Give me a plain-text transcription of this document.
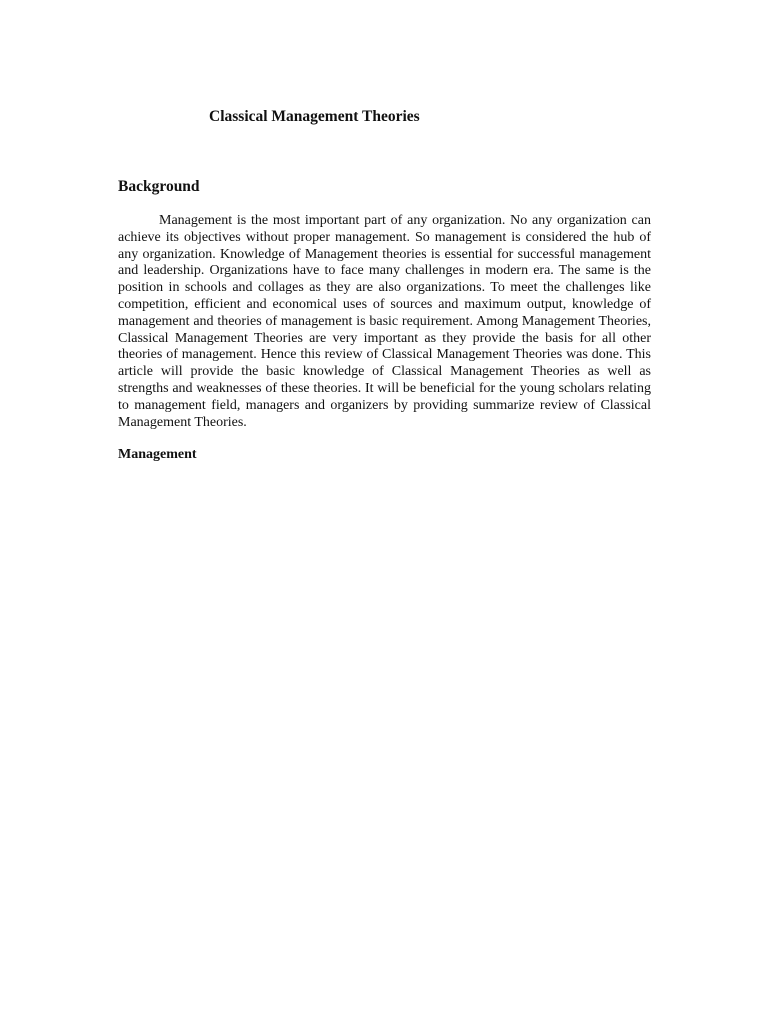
Classical Management Theories
Background

Management is the most important part of any organization. No any organization can achieve its objectives without proper management. So management is considered the hub of any organization. Knowledge of Management theories is essential for successful management and leadership. Organizations have to face many challenges in modern era. The same is the position in schools and collages as they are also organizations. To meet the challenges like competition, efficient and economical uses of sources and maximum output, knowledge of management and theories of management is basic requirement. Among Management Theories, Classical Management Theories are very important as they provide the basis for all other theories of management. Hence this review of Classical Management Theories was done. This article will provide the basic knowledge of Classical Management Theories as well as strengths and weaknesses of these theories. It will be beneficial for the young scholars relating to management field, managers and organizers by providing summarize review of Classical Management Theories.

Management
